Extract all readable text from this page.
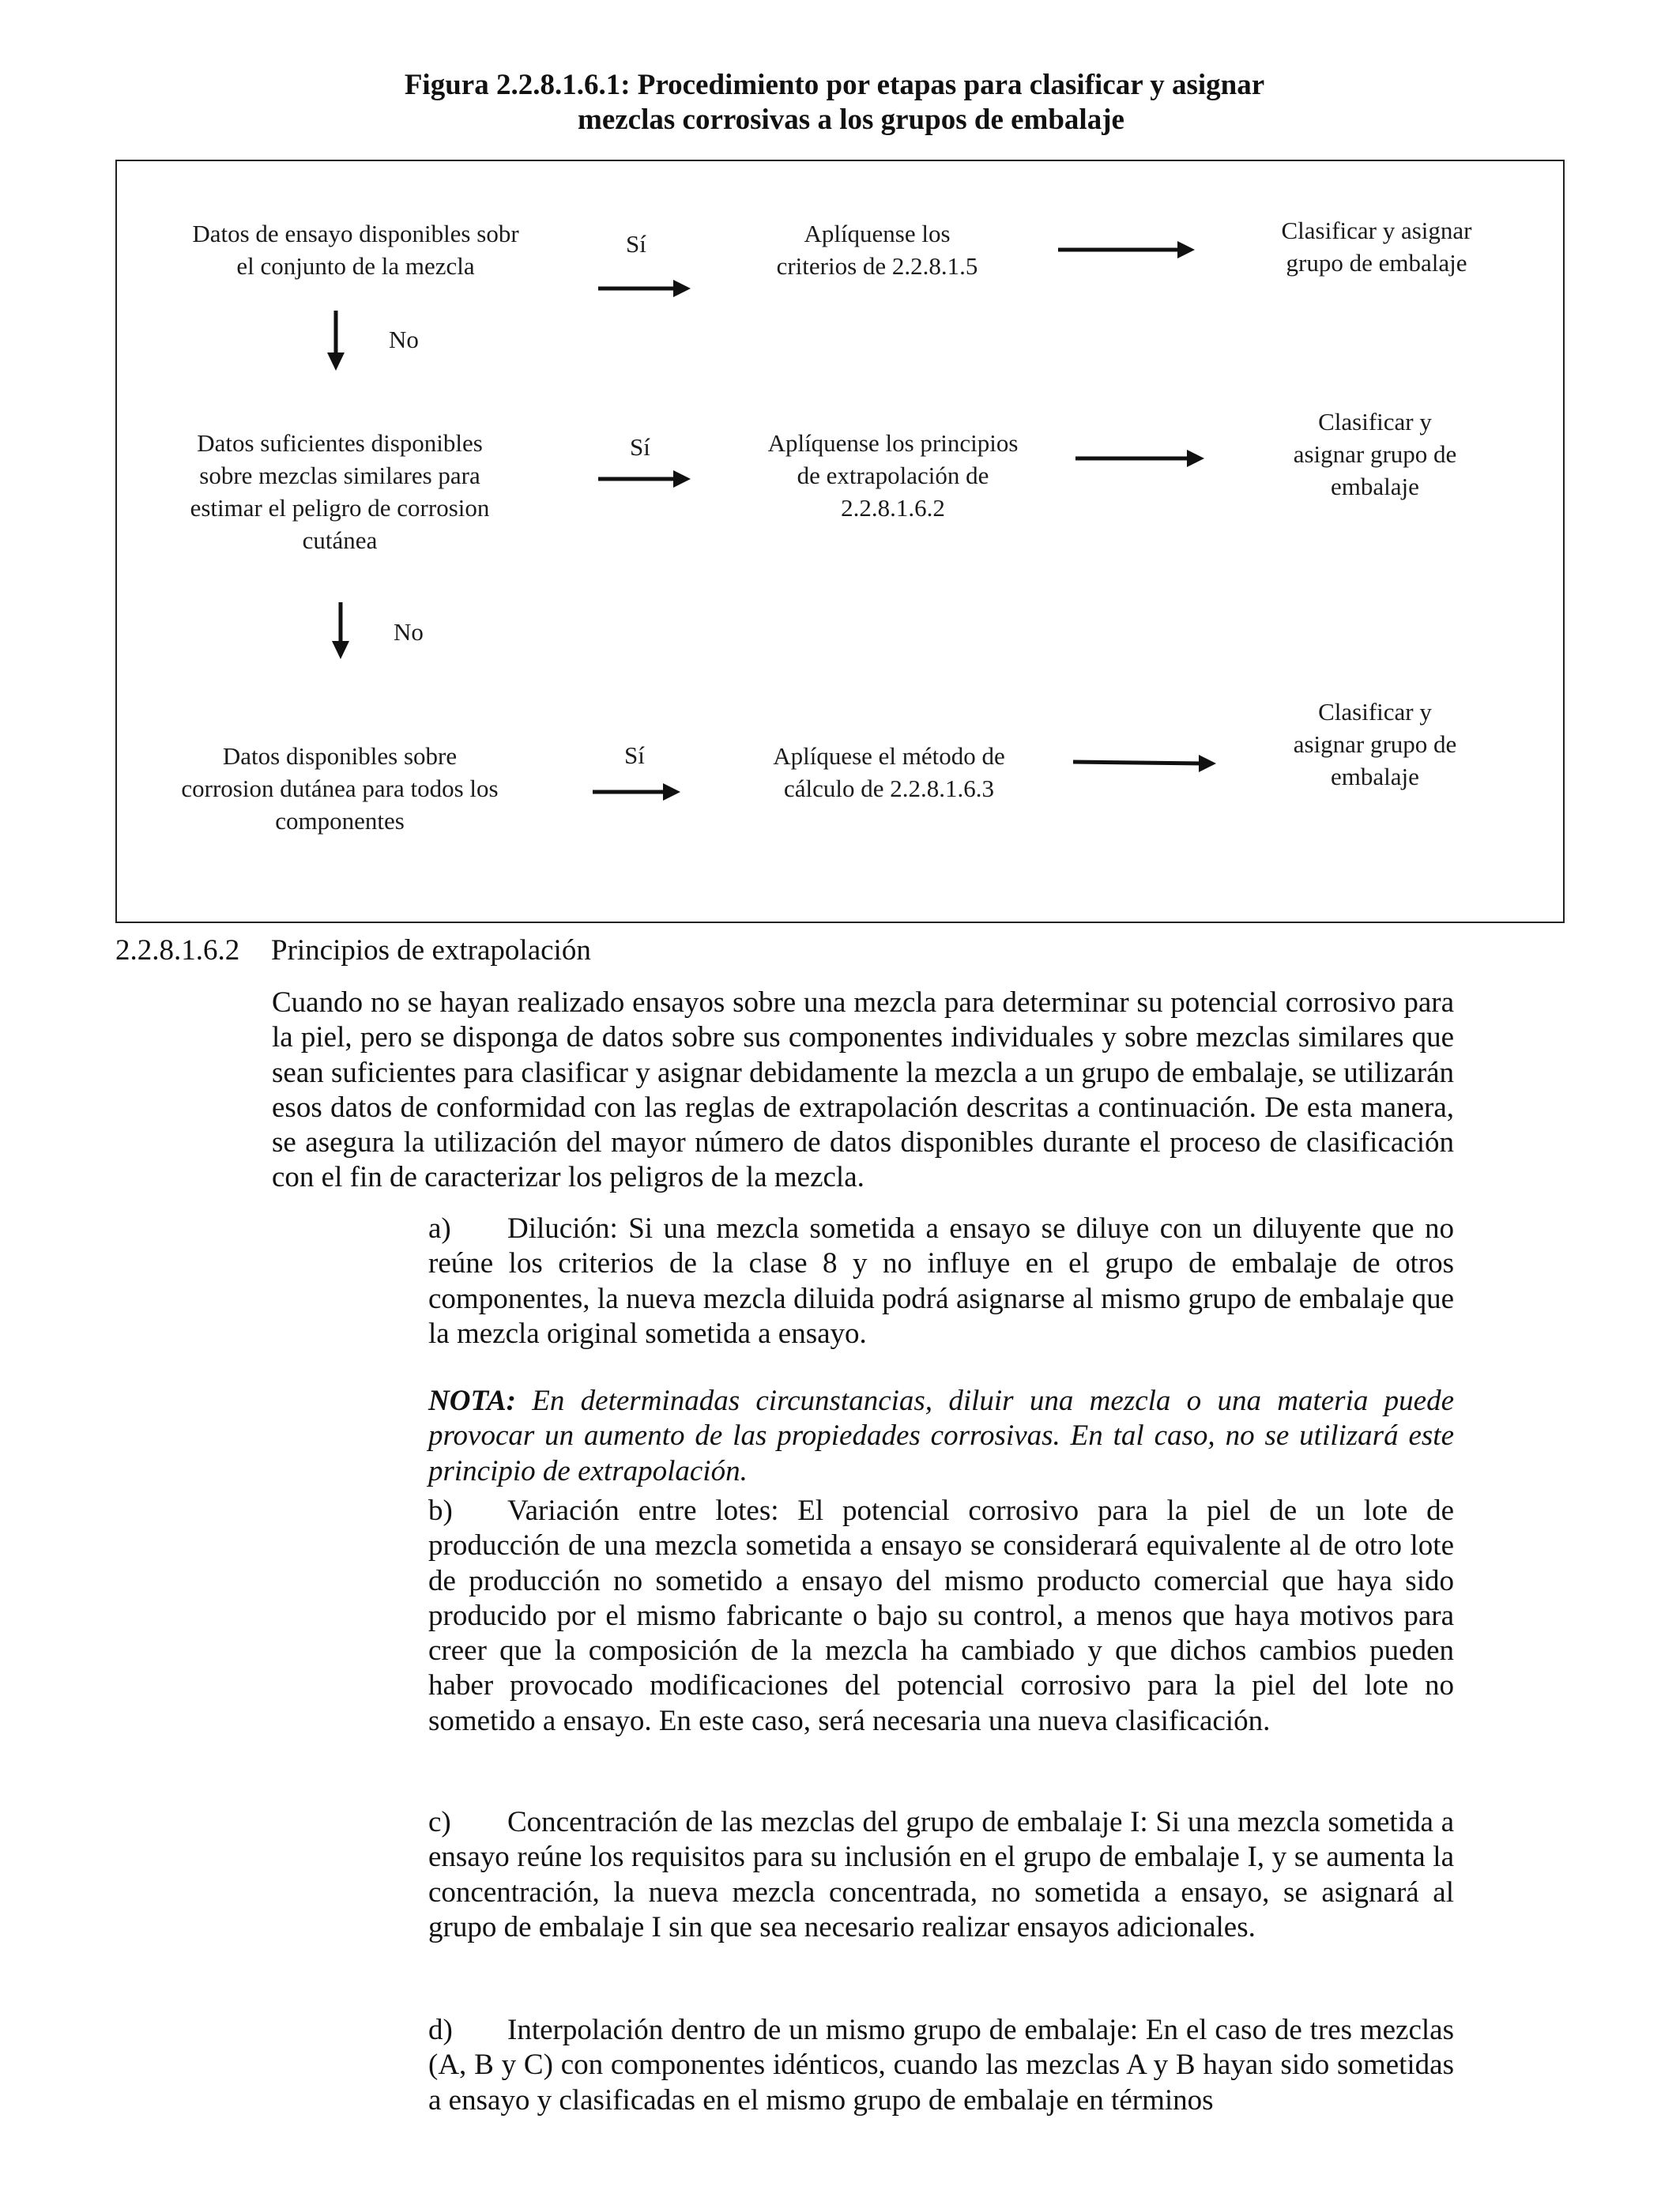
Figura 2.2.8.1.6.1: Procedimiento por etapas para clasificar y asignar
mezclas corrosivas a los grupos de embalaje
Datos de ensayo disponibles sobr
el conjunto de la mezcla
Sí	Aplíquense los
criterios de 2.2.8.1.5
Clasificar y asignar
grupo de embalaje
No
Datos suficientes disponibles
sobre mezclas similares para
estimar el peligro de corrosion
cutánea
Sí	Aplíquense los principios
de extrapolación de
2.2.8.1.6.2
Clasificar y
asignar grupo de
embalaje
No
Datos disponibles sobre
corrosion dutánea para todos los
componentes
Sí	Aplíquese el método de
cálculo de 2.2.8.1.6.3
Clasificar y
asignar grupo de
embalaje
2.2.8.1.6.2 Principios de extrapolación

Cuando no se hayan realizado ensayos sobre una mezcla para determinar su potencial corrosivo para la piel, pero se disponga de datos sobre sus componentes individuales y sobre mezclas similares que sean suficientes para clasificar y asignar debidamente la mezcla a un grupo de embalaje, se utilizarán esos datos de conformidad con las reglas de extrapolación descritas a continuación. De esta manera, se asegura la utilización del mayor número de datos disponibles durante el proceso de clasificación con el fin de caracterizar los peligros de la mezcla.

a) Dilución: Si una mezcla sometida a ensayo se diluye con un diluyente que no reúne los criterios de la clase 8 y no influye en el grupo de embalaje de otros componentes, la nueva mezcla diluida podrá asignarse al mismo grupo de embalaje que la mezcla original sometida a ensayo.

NOTA: En determinadas circunstancias, diluir una mezcla o una materia puede provocar un aumento de las propiedades corrosivas. En tal caso, no se utilizará este principio de extrapolación.

b) Variación entre lotes: El potencial corrosivo para la piel de un lote de producción de una mezcla sometida a ensayo se considerará equivalente al de otro lote de producción no sometido a ensayo del mismo producto comercial que haya sido producido por el mismo fabricante o bajo su control, a menos que haya motivos para creer que la composición de la mezcla ha cambiado y que dichos cambios pueden haber provocado modificaciones del potencial corrosivo para la piel del lote no sometido a ensayo. En este caso, será necesaria una nueva clasificación.

c) Concentración de las mezclas del grupo de embalaje I: Si una mezcla sometida a ensayo reúne los requisitos para su inclusión en el grupo de embalaje I, y se aumenta la concentración, la nueva mezcla concentrada, no sometida a ensayo, se asignará al grupo de embalaje I sin que sea necesario realizar ensayos adicionales.

d) Interpolación dentro de un mismo grupo de embalaje: En el caso de tres mezclas (A, B y C) con componentes idénticos, cuando las mezclas A y B hayan sido sometidas a ensayo y clasificadas en el mismo grupo de embalaje en términos
